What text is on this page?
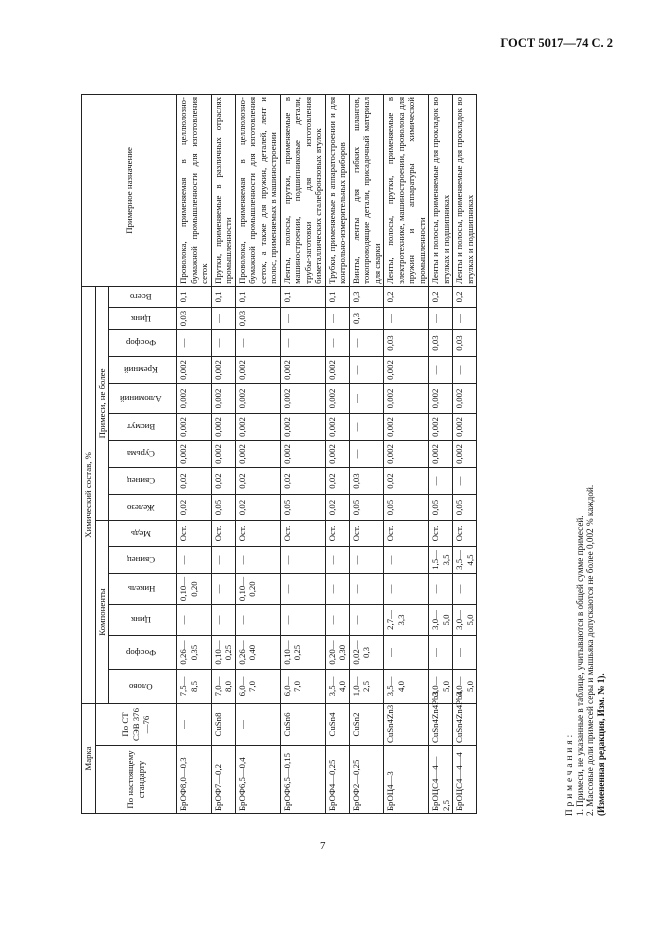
ГОСТ 5017—74 С. 2
Марка		Химический состав, %															Примерное назначение
По настоящему стандарту	По СТ СЭВ 376—76	Компоненты						Примеси, не более									
		Олово	Фосфор	Цинк	Никель	Свинец	Медь	Железо	Свинец	Сурьма	Висмут	Алюминий	Кремний	Фосфор	Цинк	Всего	
БрОФ8,0—0,3	—	7,5—8,5	0,26—0,35	—	0,10—0,20	—	Ост.	0,02	0,02	0,002	0,002	0,002	0,002	—	0,03	0,1	Проволока, применяемая в целлюлозно-бумажной промышленности для изготовления сеток
БрОФ7—0,2	CuSn8	7,0—8,0	0,10—0,25	—	—	—	Ост.	0,05	0,02	0,002	0,002	0,002	0,002	—	—	0,1	Прутки, применяемые в различных отраслях промышленности
БрОФ6,5—0,4	—	6,0—7,0	0,26—0,40	—	0,10—0,20	—	Ост.	0,02	0,02	0,002	0,002	0,002	0,002	—	0,03	0,1	Проволока, применяемая в целлюлозно-бумажной промышленности для изготовления сеток, а также для пружин, деталей, лент и полос, применяемых в машиностроении
БрОФ6,5—0,15	CuSn6	6,0—7,0	0,10—0,25	—	—	—	Ост.	0,05	0,02	0,002	0,002	0,002	0,002	—	—	0,1	Ленты, полосы, прутки, применяемые в машиностроении, подшипниковые детали, трубы-заготовки для изготовления биметаллических сталебронзовых втулок
БрОФ4—0,25	CuSn4	3,5—4,0	0,20—0,30	—	—	—	Ост.	0,02	0,02	0,002	0,002	0,002	0,002	—	—	0,1	Трубки, применяемые в аппаратостроении и для контрольно-измерительных приборов
БрОФ2—0,25	CuSn2	1,0—2,5	0,02—0,3	—	—	—	Ост.	0,05	0,03	—	—	—	—	—	0,3	0,3	Винты, ленты для гибких шлангов, токопроводящие детали, присадочный материал для сварки
БрОЦ4—3	CuSn4Zn3	3,5—4,0	—	2,7—3,3	—	—	Ост.	0,05	0,02	0,002	0,002	0,002	0,002	0,03	—	0,2	Ленты, полосы, прутки, применяемые в электротехнике, машиностроении, проволока для пружин и аппаратуры химической промышленности
БрОЦС4—4—2,5	CuSn4Zn4Pb3	3,0—5,0	—	3,0—5,0	—	1,5—3,5	Ост.	0,05	—	0,002	0,002	0,002	—	0,03	—	0,2	Ленты и полосы, применяемые для прокладок во втулках и подшипниках
БрОЦС4—4—4	CuSn4Zn4Pb4	3,0—5,0	—	3,0—5,0	—	3,5—4,5	Ост.	0,05	—	0,002	0,002	0,002	—	0,03	—	0,2	Ленты и полосы, применяемые для прокладок во втулках и подшипниках
Примечания: 1. Примеси, не указанные в таблице, учитываются в общей сумме примесей. 2. Массовые доли примесей серы и мышьяка допускаются не более 0,002 % каждой. (Измененная редакция, Изм. № 1).
7
